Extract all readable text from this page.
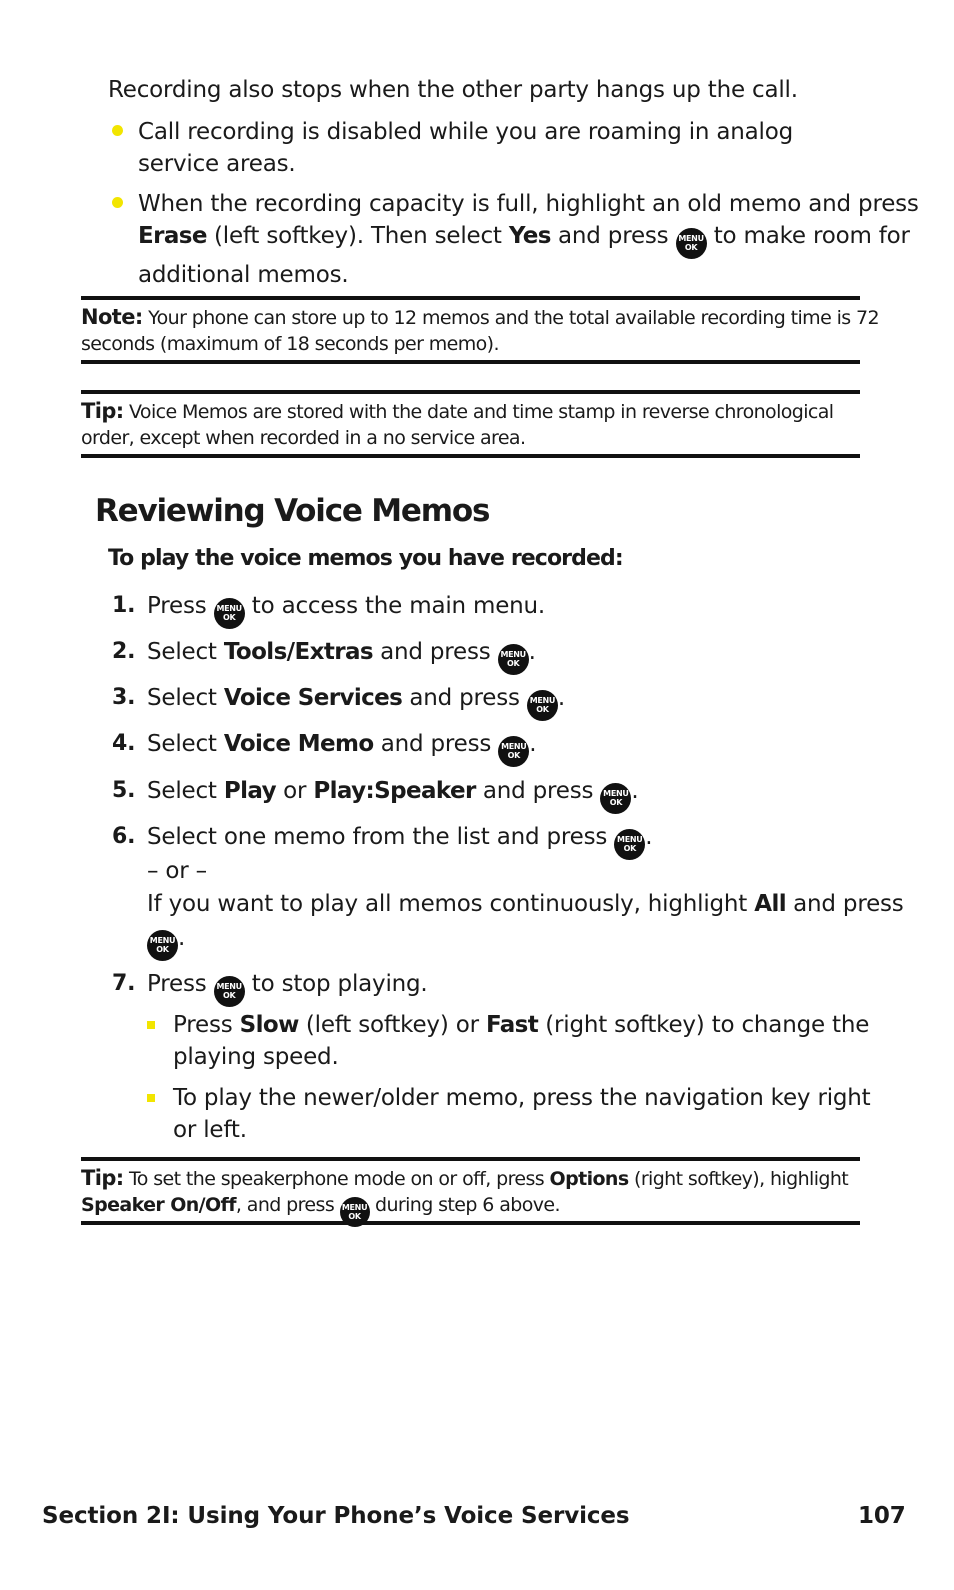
Recording also stops when the other party hangs up the call.
Call recording is disabled while you are roaming in analog
service areas.
When the recording capacity is full, highlight an old memo and press
Erase (left softkey). Then select Yes and press MENU
OK to make room for
additional memos.
Note: Your phone can store up to 12 memos and the total available recording time is 72
seconds (maximum of 18 seconds per memo).
Tip: Voice Memos are stored with the date and time stamp in reverse chronological
order, except when recorded in a no service area.
Reviewing Voice Memos
To play the voice memos you have recorded:
1. Press MENU
OK to access the main menu.
2. Select Tools/Extras and press MENU
OK .
3. Select Voice Services and press MENU
OK .
4. Select Voice Memo and press MENU
OK .
5. Select Play or Play:Speaker and press MENU
OK .
6. Select one memo from the list and press MENU
OK .
– or –
If you want to play all memos continuously, highlight All and press
MENU
OK .
7. Press MENU
OK to stop playing.
Press Slow (left softkey) or Fast (right softkey) to change the
playing speed.
To play the newer/older memo, press the navigation key right
or left.
Tip: To set the speakerphone mode on or off, press Options (right softkey), highlight
Speaker On/Off, and press MENU
OK
during step 6 above.
Section 2I: Using Your Phone’s Voice Services	107
